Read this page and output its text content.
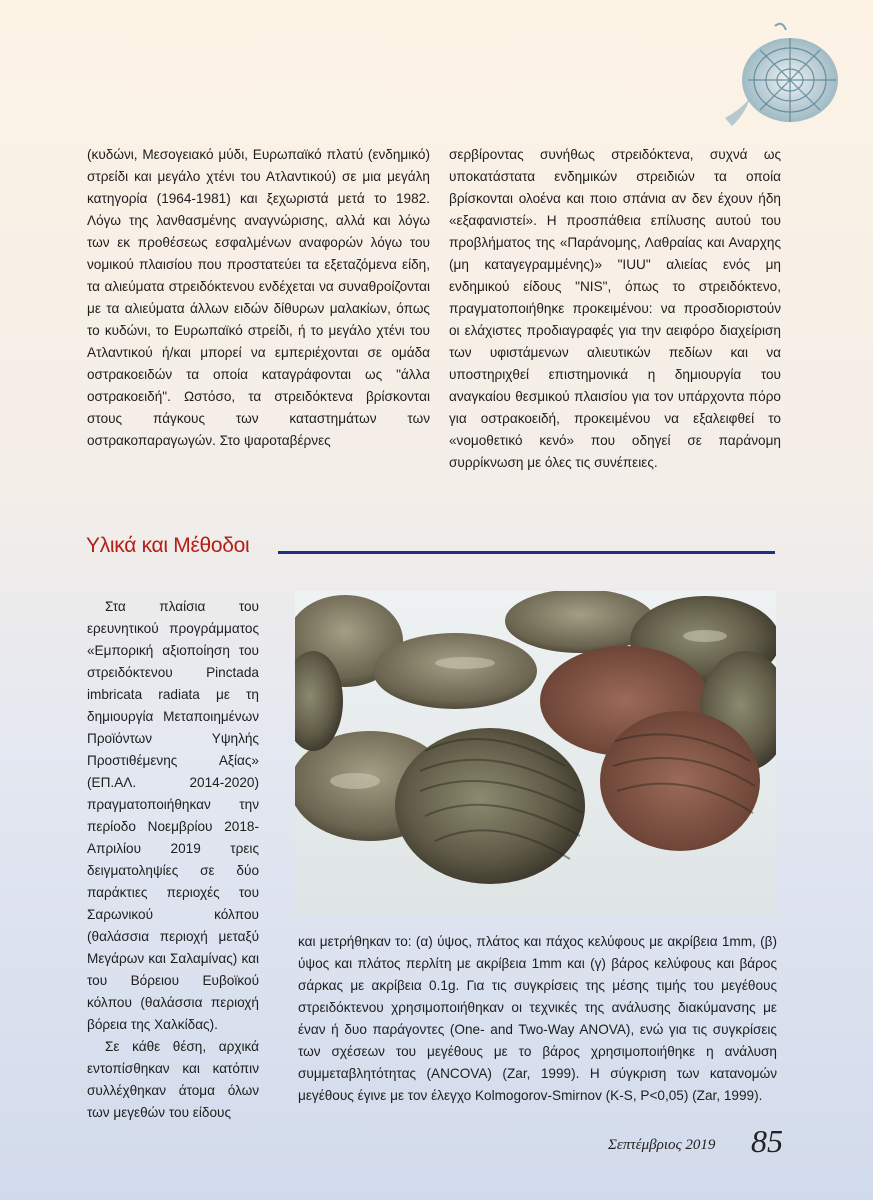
(κυδώνι, Μεσογειακό μύδι, Ευρωπαϊκό πλατύ (ενδημικό) στρείδι και μεγάλο χτένι του Ατλαντικού) σε μια μεγάλη κατηγορία (1964-1981) και ξεχωριστά μετά το 1982. Λόγω της λανθασμένης αναγνώρισης, αλλά και λόγω των εκ προθέσεως εσφαλμένων αναφορών λόγω του νομικού πλαισίου που προστατεύει τα εξεταζόμενα είδη, τα αλιεύματα στρειδόκτενου ενδέχεται να συναθροίζονται με τα αλιεύματα άλλων ειδών δίθυρων μαλακίων, όπως το κυδώνι, το Ευρωπαϊκό στρείδι, ή το μεγάλο χτένι του Ατλαντικού ή/και μπορεί να εμπεριέχονται σε ομάδα οστρακοειδών τα οποία καταγράφονται ως "άλλα οστρακοειδή". Ωστόσο, τα στρειδόκτενα βρίσκονται στους πάγκους των καταστημάτων των οστρακοπαραγωγών. Στο ψαροταβέρνες

σερβίροντας συνήθως στρειδόκτενα, συχνά ως υποκατάστατα ενδημικών στρειδιών τα οποία βρίσκονται ολοένα και ποιο σπάνια αν δεν έχουν ήδη «εξαφανιστεί». Η προσπάθεια επίλυσης αυτού του προβλήματος της «Παράνομης, Λαθραίας και Αναρχης (μη καταγεγραμμένης)» "IUU" αλιείας ενός μη ενδημικού είδους "NIS", όπως το στρειδόκτενο, πραγματοποιήθηκε προκειμένου: να προσδιοριστούν οι ελάχιστες προδιαγραφές για την αειφόρο διαχείριση των υφιστάμενων αλιευτικών πεδίων και να υποστηριχθεί επιστημονικά η δημιουργία του αναγκαίου θεσμικού πλαισίου για τον υπάρχοντα πόρο για οστρακοειδή, προκειμένου να εξαλειφθεί το «νομοθετικό κενό» που οδηγεί σε παράνομη συρρίκνωση με όλες τις συνέπειες.

Υλικά και Μέθοδοι

Στα πλαίσια του ερευνητικού προγράμματος «Εμπορική αξιοποίηση του στρειδόκτενου Pinctada imbricata radiata με τη δημιουργία Μεταποιημένων Προϊόντων Υψηλής Προστιθέμενης Αξίας» (ΕΠ.ΑΛ. 2014-2020) πραγματοποιήθηκαν την περίοδο Νοεμβρίου 2018-Απριλίου 2019 τρεις δειγματοληψίες σε δύο παράκτιες περιοχές του Σαρωνικού κόλπου (θαλάσσια περιοχή μεταξύ Μεγάρων και Σαλαμίνας) και του Βόρειου Ευβοϊκού κόλπου (θαλάσσια περιοχή βόρεια της Χαλκίδας).

Σε κάθε θέση, αρχικά εντοπίσθηκαν και κατόπιν συλλέχθηκαν άτομα όλων των μεγεθών του είδους

και μετρήθηκαν το: (α) ύψος, πλάτος και πάχος κελύφους με ακρίβεια 1mm, (β) ύψος και πλάτος περλίτη με ακρίβεια 1mm και (γ) βάρος κελύφους και βάρος σάρκας με ακρίβεια 0.1g. Για τις συγκρίσεις της μέσης τιμής του μεγέθους στρειδόκτενου χρησιμοποιήθηκαν οι τεχνικές της ανάλυσης διακύμανσης με έναν ή δυο παράγοντες (One- and Two-Way ANOVA), ενώ για τις συγκρίσεις των σχέσεων του μεγέθους με το βάρος χρησιμοποιήθηκε η ανάλυση συμμεταβλητότητας (ANCOVA) (Zar, 1999). Η σύγκριση των κατανομών μεγέθους έγινε με τον έλεγχο Kolmogorov-Smirnov (K-S, P<0,05) (Zar, 1999).

Σεπτέμβριος 2019 85
